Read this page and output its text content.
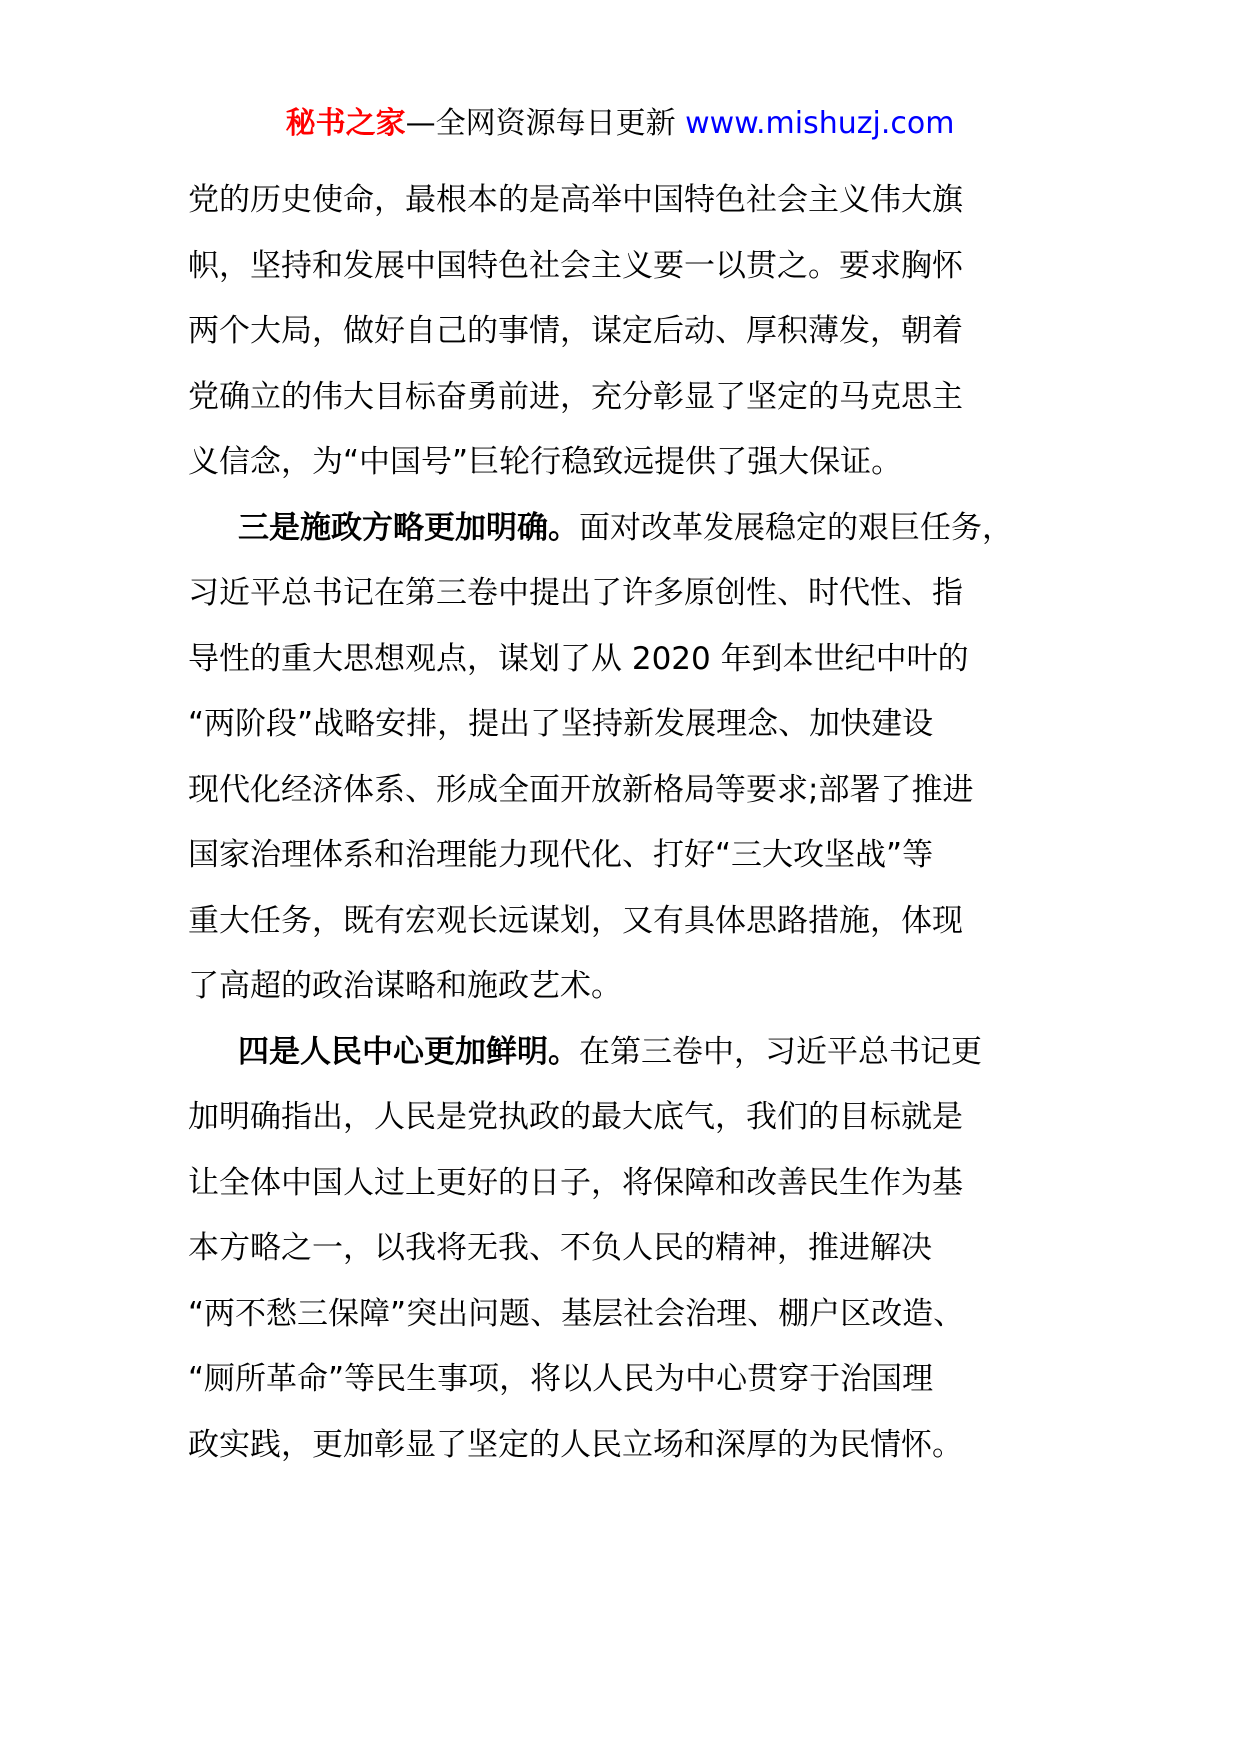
秘书之家—全网资源每日更新 www.mishuzj.com
党的历史使命，最根本的是高举中国特色社会主义伟大旗
帜，坚持和发展中国特色社会主义要一以贯之。要求胸怀
两个大局，做好自己的事情，谋定后动、厚积薄发，朝着
党确立的伟大目标奋勇前进，充分彰显了坚定的马克思主
义信念，为“中国号”巨轮行稳致远提供了强大保证。
三是施政方略更加明确。面对改革发展稳定的艰巨任务，
习近平总书记在第三卷中提出了许多原创性、时代性、指
导性的重大思想观点，谋划了从 2020 年到本世纪中叶的
“两阶段”战略安排，提出了坚持新发展理念、加快建设
现代化经济体系、形成全面开放新格局等要求;部署了推进
国家治理体系和治理能力现代化、打好“三大攻坚战”等
重大任务，既有宏观长远谋划，又有具体思路措施，体现
了高超的政治谋略和施政艺术。
四是人民中心更加鲜明。在第三卷中，习近平总书记更
加明确指出，人民是党执政的最大底气，我们的目标就是
让全体中国人过上更好的日子，将保障和改善民生作为基
本方略之一，以我将无我、不负人民的精神，推进解决
“两不愁三保障”突出问题、基层社会治理、棚户区改造、
“厕所革命”等民生事项，将以人民为中心贯穿于治国理
政实践，更加彰显了坚定的人民立场和深厚的为民情怀。
